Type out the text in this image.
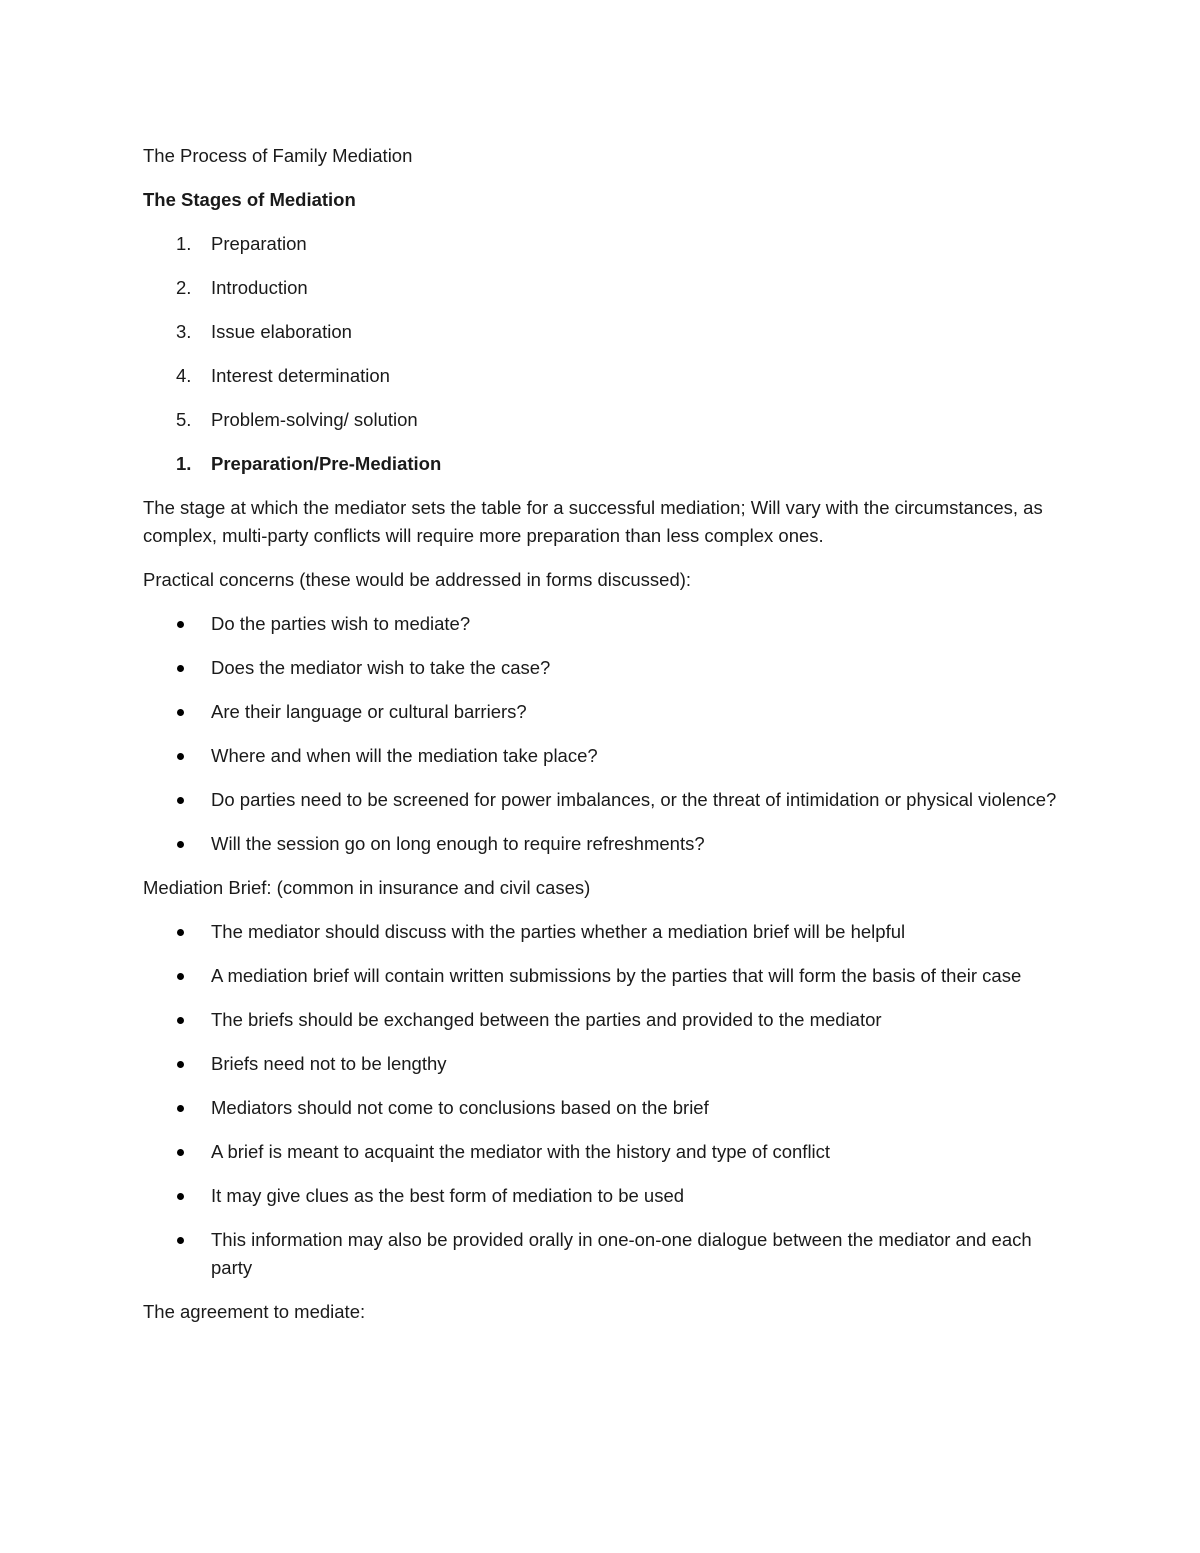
The Process of Family Mediation

The Stages of Mediation

1.	Preparation
2.	Introduction
3.	Issue elaboration
4.	Interest determination
5.	Problem-solving/ solution
1.	Preparation/Pre-Mediation

The stage at which the mediator sets the table for a successful mediation; Will vary with the circumstances, as complex, multi-party conflicts will require more preparation than less complex ones.

Practical concerns (these would be addressed in forms discussed):

Do the parties wish to mediate?
Does the mediator wish to take the case?
Are their language or cultural barriers?
Where and when will the mediation take place?
Do parties need to be screened for power imbalances, or the threat of intimidation or physical violence?
Will the session go on long enough to require refreshments?

Mediation Brief: (common in insurance and civil cases)

The mediator should discuss with the parties whether a mediation brief will be helpful
A mediation brief will contain written submissions by the parties that will form the basis of their case
The briefs should be exchanged between the parties and provided to the mediator
Briefs need not to be lengthy
Mediators should not come to conclusions based on the brief
A brief is meant to acquaint the mediator with the history and type of conflict
It may give clues as the best form of mediation to be used
This information may also be provided orally in one-on-one dialogue between the mediator and each party

The agreement to mediate:
